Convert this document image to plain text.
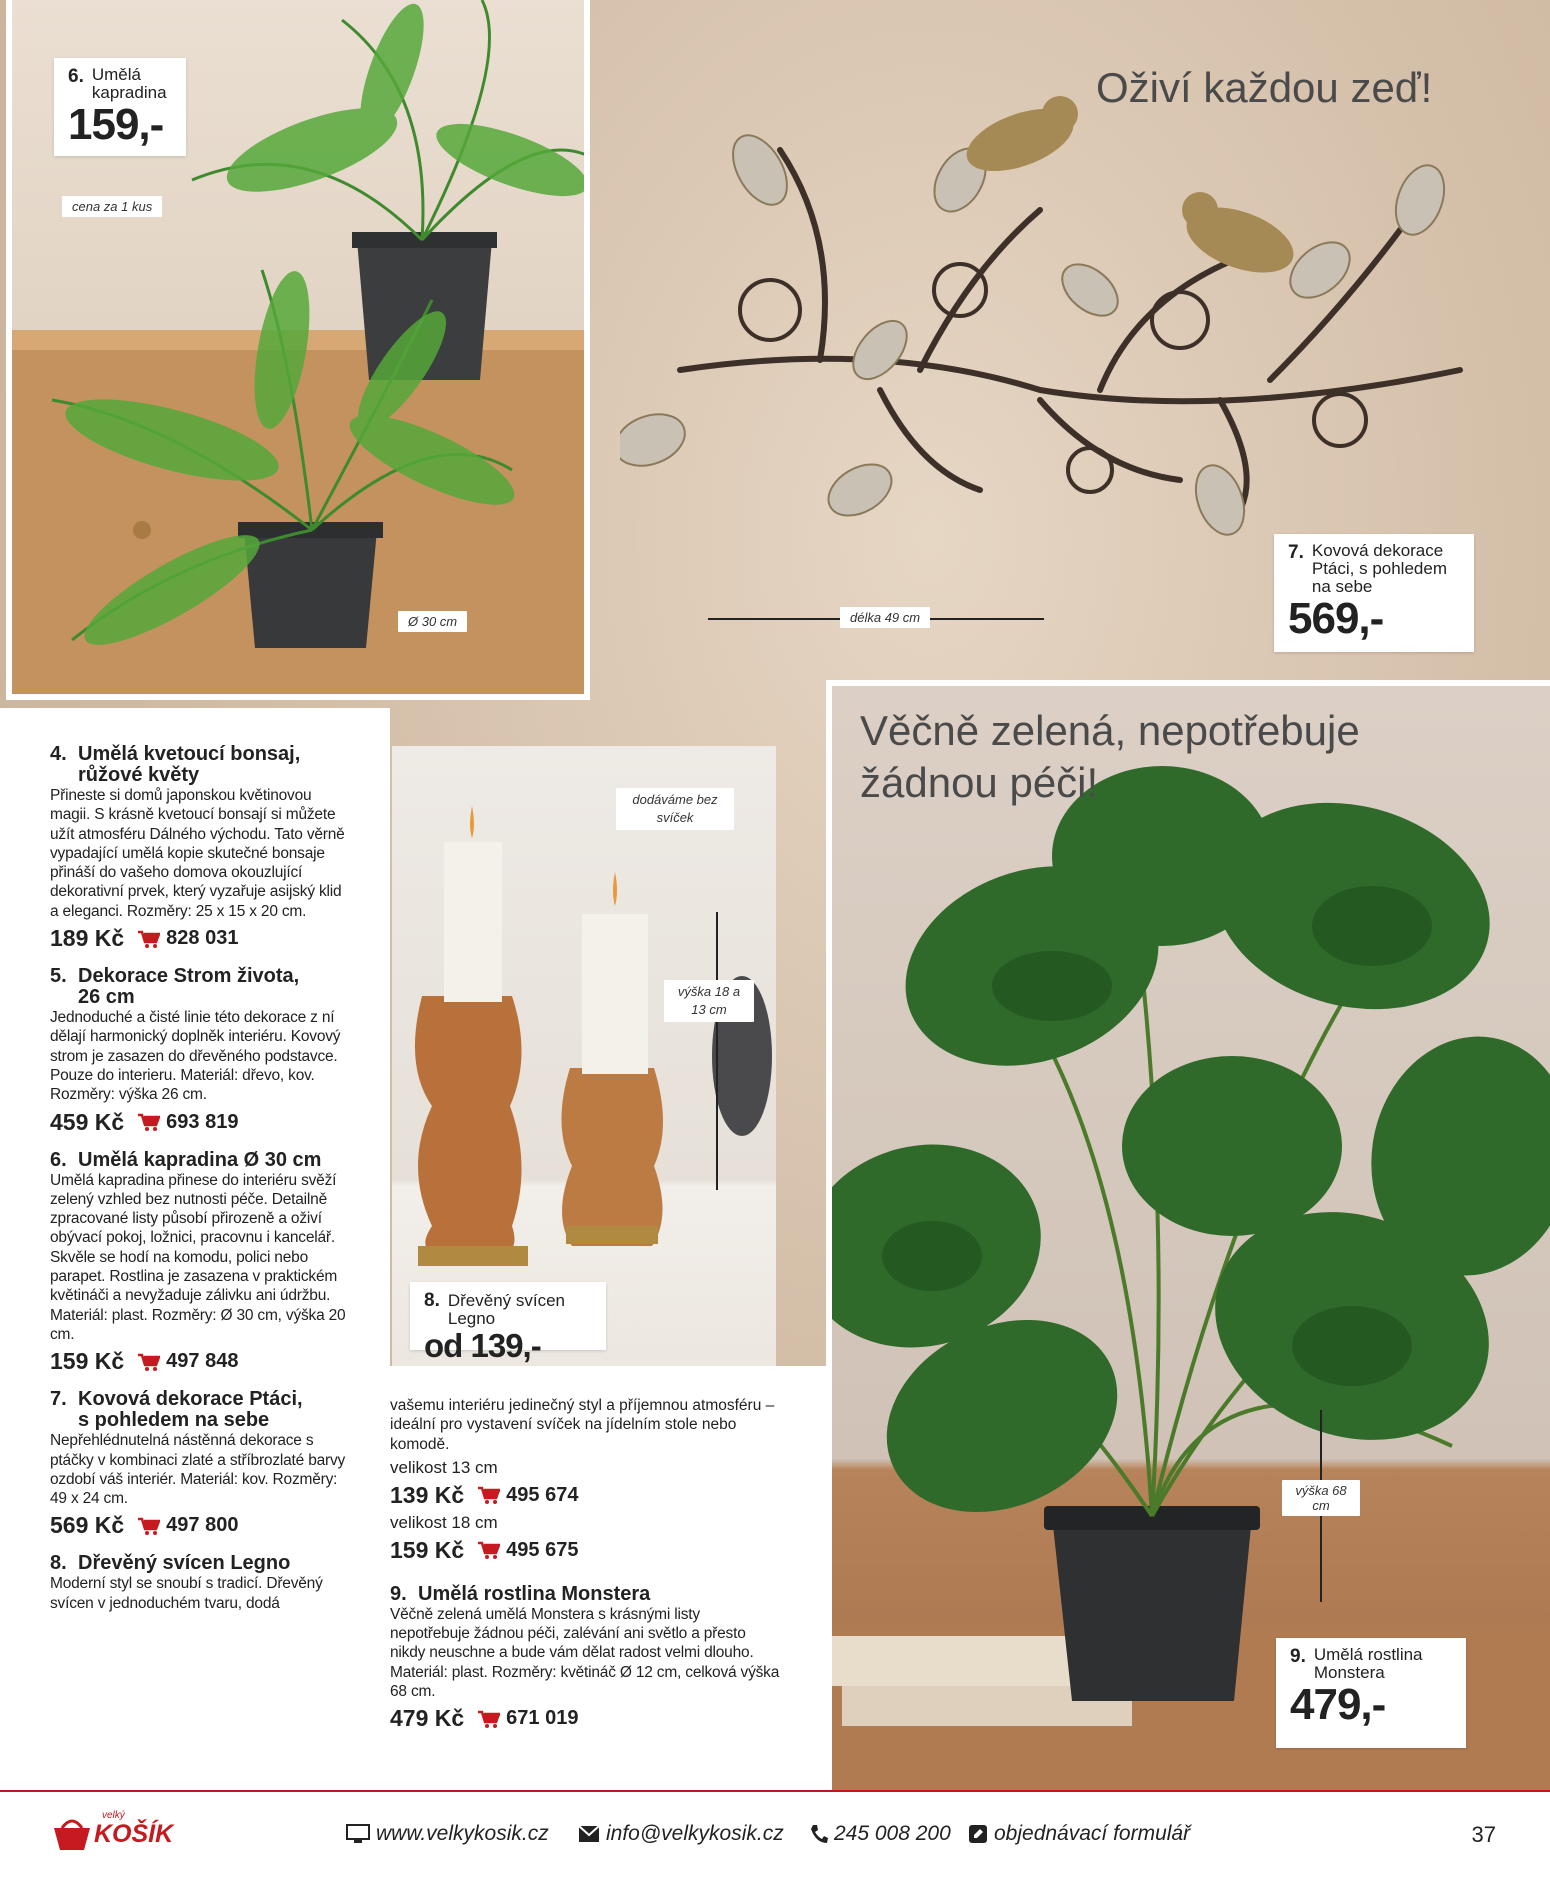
6. Umělá kapradina
159,-
cena za 1 kus
Ø 30 cm
Oživí každou zeď!
délka 49 cm
7. Kovová dekorace Ptáci, s pohledem na sebe
569,-
Věčně zelená, nepotřebuje žádnou péči!
výška 68 cm
9. Umělá rostlina Monstera
479,-
dodáváme bez svíček
výška 18 a 13 cm
8. Dřevěný svícen Legno
od 139,-
4. Umělá kvetoucí bonsaj,
růžové květy

Přineste si domů japonskou květinovou magii. S krásně kvetoucí bonsají si můžete užít atmosféru Dálného východu. Tato věrně vypadající umělá kopie skutečné bonsaje přináší do vašeho domova okouzlující dekorativní prvek, který vyzařuje asijský klid a eleganci. Rozměry: 25 x 15 x 20 cm.

189 Kč 828 031
5. Dekorace Strom života,
26 cm

Jednoduché a čisté linie této dekorace z ní dělají harmonický doplněk interiéru. Kovový strom je zasazen do dřevěného podstavce. Pouze do interieru. Materiál: dřevo, kov. Rozměry: výška 26 cm.

459 Kč 693 819
6. Umělá kapradina Ø 30 cm

Umělá kapradina přinese do interiéru svěží zelený vzhled bez nutnosti péče. Detailně zpracované listy působí přirozeně a oživí obývací pokoj, ložnici, pracovnu i kancelář. Skvěle se hodí na komodu, polici nebo parapet. Rostlina je zasazena v praktickém květináči a nevyžaduje zálivku ani údržbu. Materiál: plast. Rozměry: Ø 30 cm, výška 20 cm.

159 Kč 497 848
7. Kovová dekorace Ptáci,
s pohledem na sebe

Nepřehlédnutelná nástěnná dekorace s ptáčky v kombinaci zlaté a stříbrozlaté barvy ozdobí váš interiér. Materiál: kov. Rozměry: 49 x 24 cm.

569 Kč 497 800
8. Dřevěný svícen Legno

Moderní styl se snoubí s tradicí. Dřevěný svícen v jednoduchém tvaru, dodá

vašemu interiéru jedinečný styl a příjemnou atmosféru – ideální pro vystavení svíček na jídelním stole nebo komodě.

velikost 13 cm
139 Kč 495 674
velikost 18 cm
159 Kč 495 675
9. Umělá rostlina Monstera

Věčně zelená umělá Monstera s krásnými listy nepotřebuje žádnou péči, zalévání ani světlo a přesto nikdy neuschne a bude vám dělat radost velmi dlouho. Materiál: plast. Rozměry: květináč Ø 12 cm, celková výška 68 cm.

479 Kč 671 019
velký
KOŠÍK	www.velkykosik.cz	info@velkykosik.cz 245 008 200 objednávací formulář	37
